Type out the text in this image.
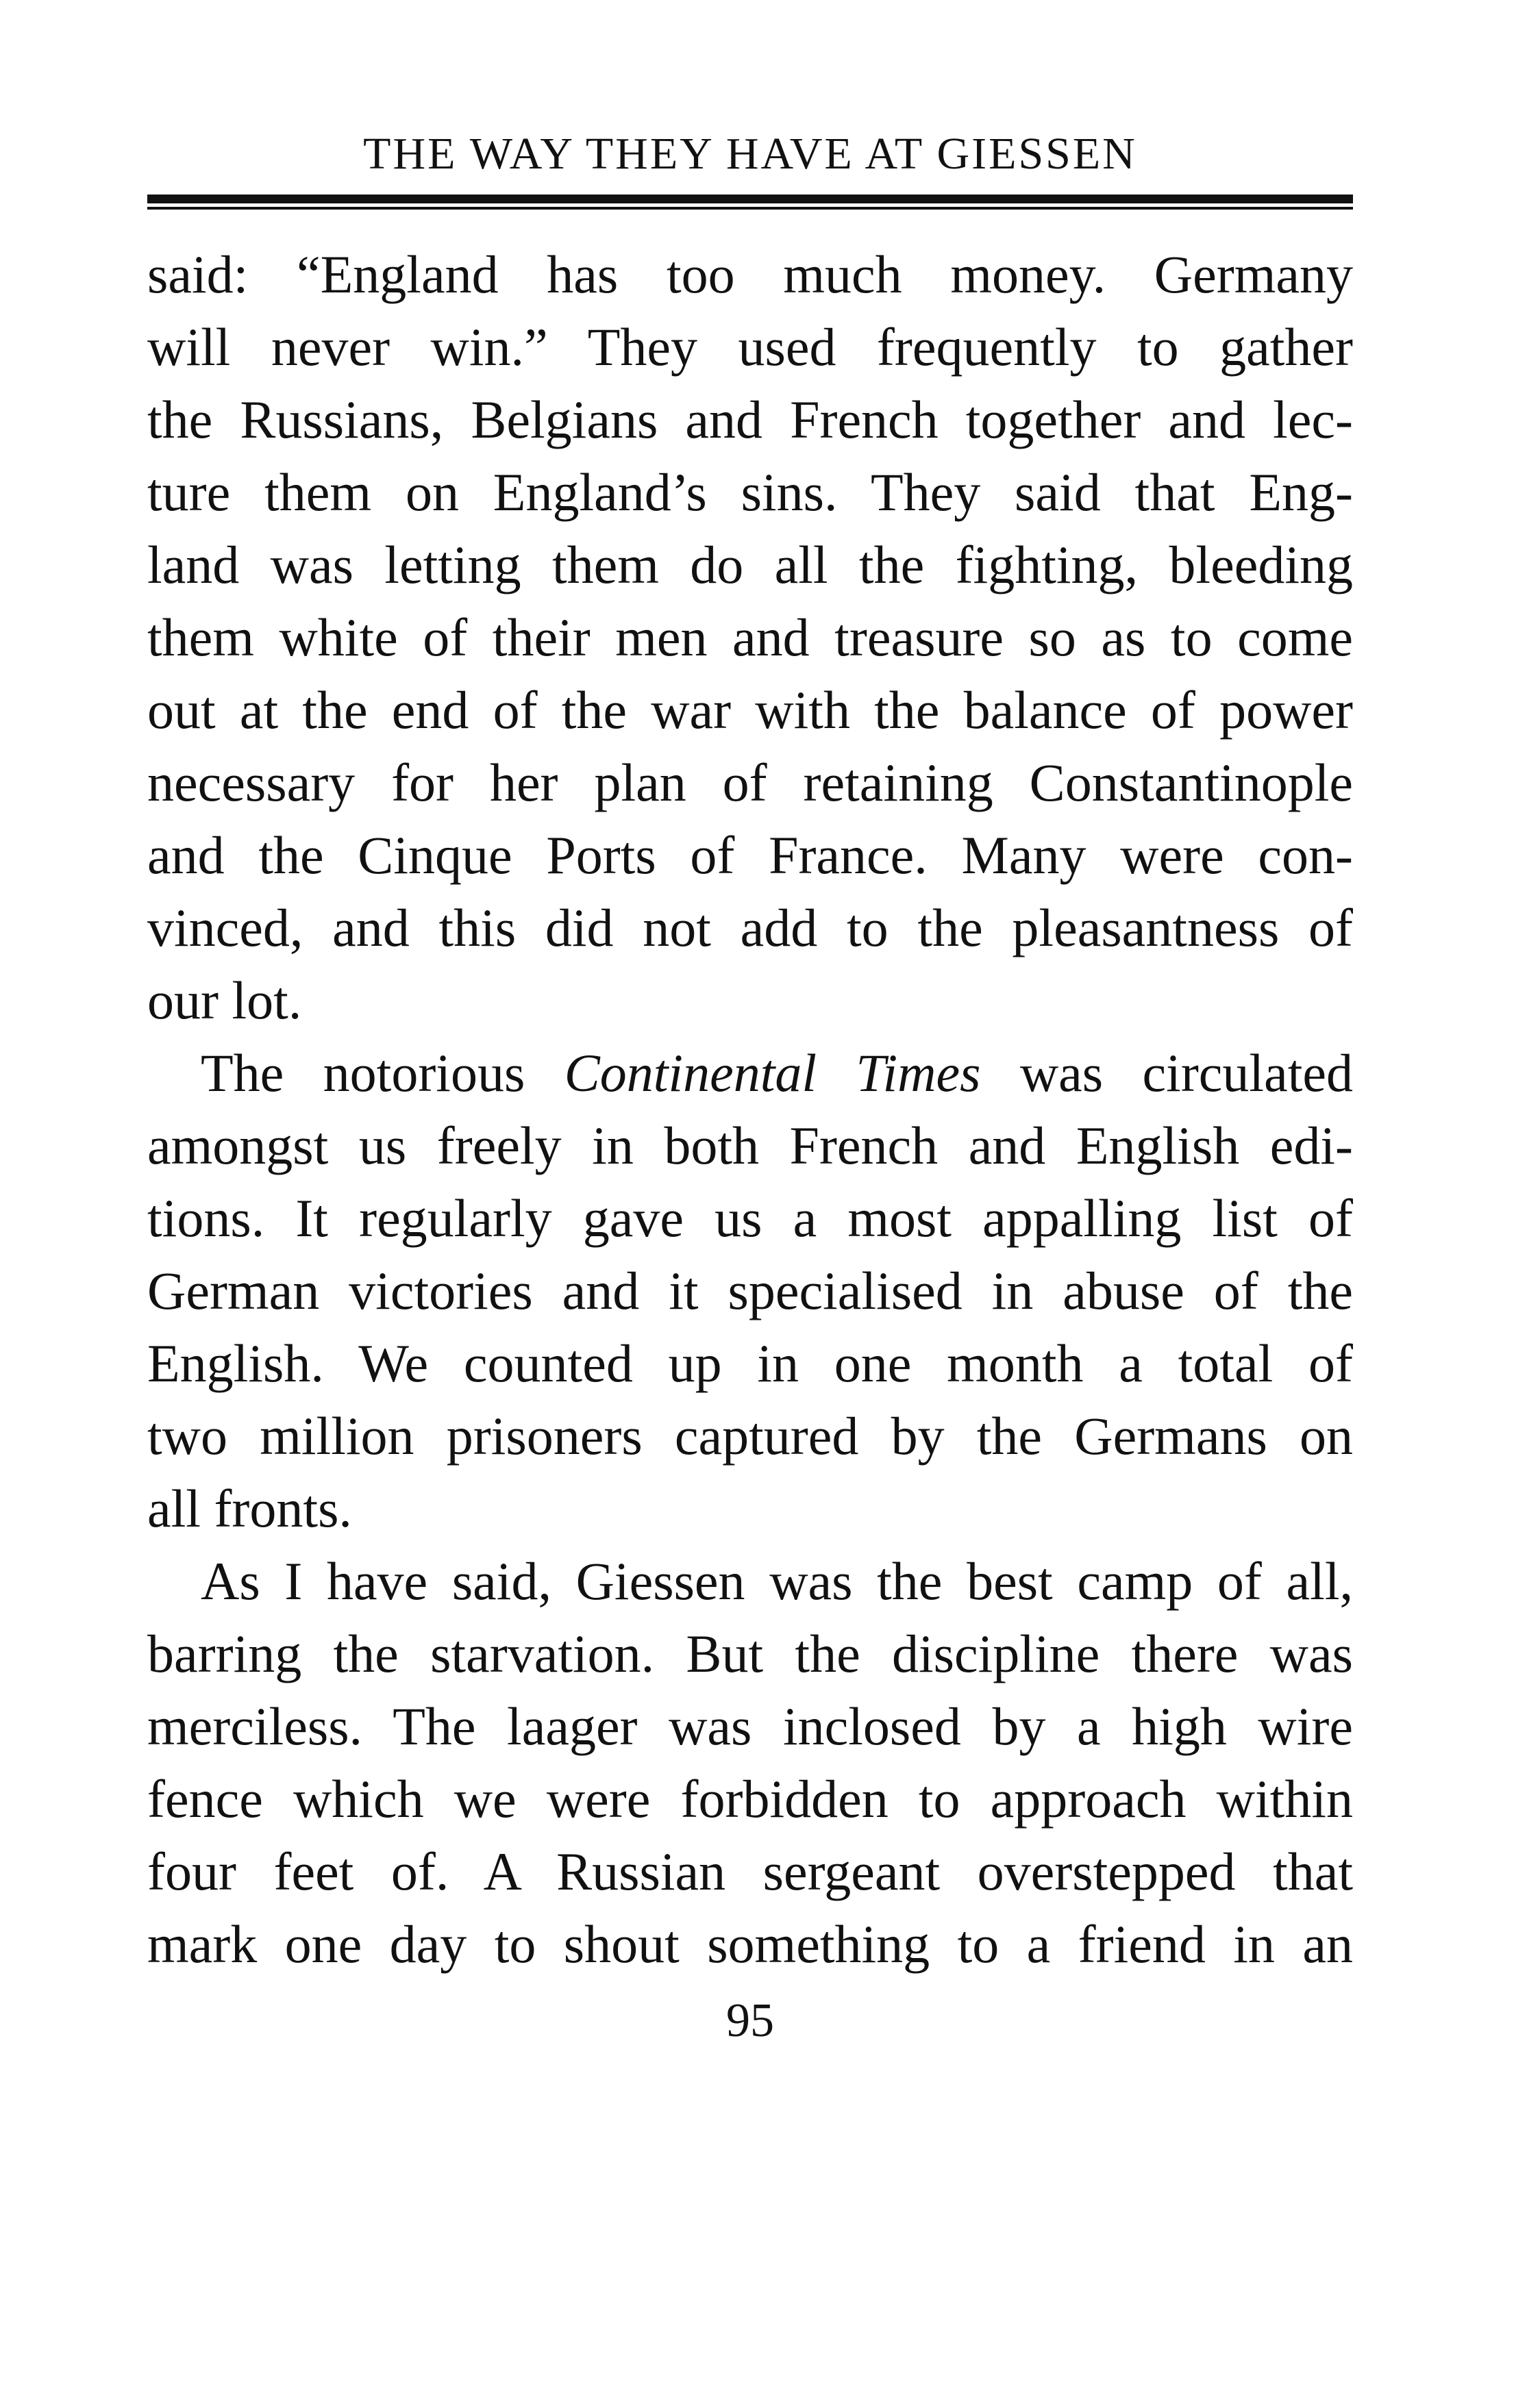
THE WAY THEY HAVE AT GIESSEN
said: “England has too much money. Germany
will never win.” They used frequently to gather
the Russians, Belgians and French together and lec-
ture them on England’s sins. They said that Eng-
land was letting them do all the fighting, bleeding
them white of their men and treasure so as to come
out at the end of the war with the balance of power
necessary for her plan of retaining Constantinople
and the Cinque Ports of France. Many were con-
vinced, and this did not add to the pleasantness of
our lot.
The notorious Continental Times was circulated
amongst us freely in both French and English edi-
tions. It regularly gave us a most appalling list of
German victories and it specialised in abuse of the
English. We counted up in one month a total of
two million prisoners captured by the Germans on
all fronts.
As I have said, Giessen was the best camp of all,
barring the starvation. But the discipline there was
merciless. The laager was inclosed by a high wire
fence which we were forbidden to approach within
four feet of. A Russian sergeant overstepped that
mark one day to shout something to a friend in an
95
